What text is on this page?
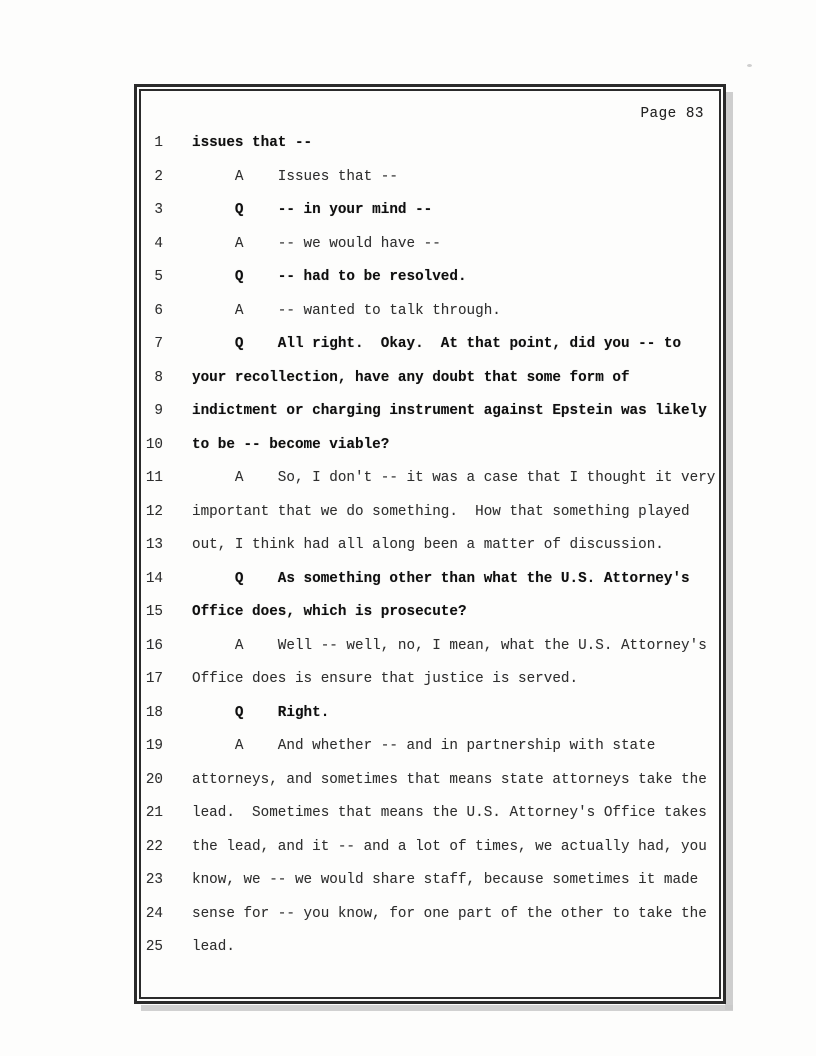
Page 83
1 issues that --
2 A    Issues that --
3 Q    -- in your mind --
4 A    -- we would have --
5 Q    -- had to be resolved.
6 A    -- wanted to talk through.
7 Q    All right.  Okay.  At that point, did you -- to
8 your recollection, have any doubt that some form of
9 indictment or charging instrument against Epstein was likely
10 to be -- become viable?
11 A    So, I don't -- it was a case that I thought it very
12 important that we do something.  How that something played
13 out, I think had all along been a matter of discussion.
14 Q    As something other than what the U.S. Attorney's
15 Office does, which is prosecute?
16 A    Well -- well, no, I mean, what the U.S. Attorney's
17 Office does is ensure that justice is served.
18 Q    Right.
19 A    And whether -- and in partnership with state
20 attorneys, and sometimes that means state attorneys take the
21 lead.  Sometimes that means the U.S. Attorney's Office takes
22 the lead, and it -- and a lot of times, we actually had, you
23 know, we -- we would share staff, because sometimes it made
24 sense for -- you know, for one part of the other to take the
25 lead.
